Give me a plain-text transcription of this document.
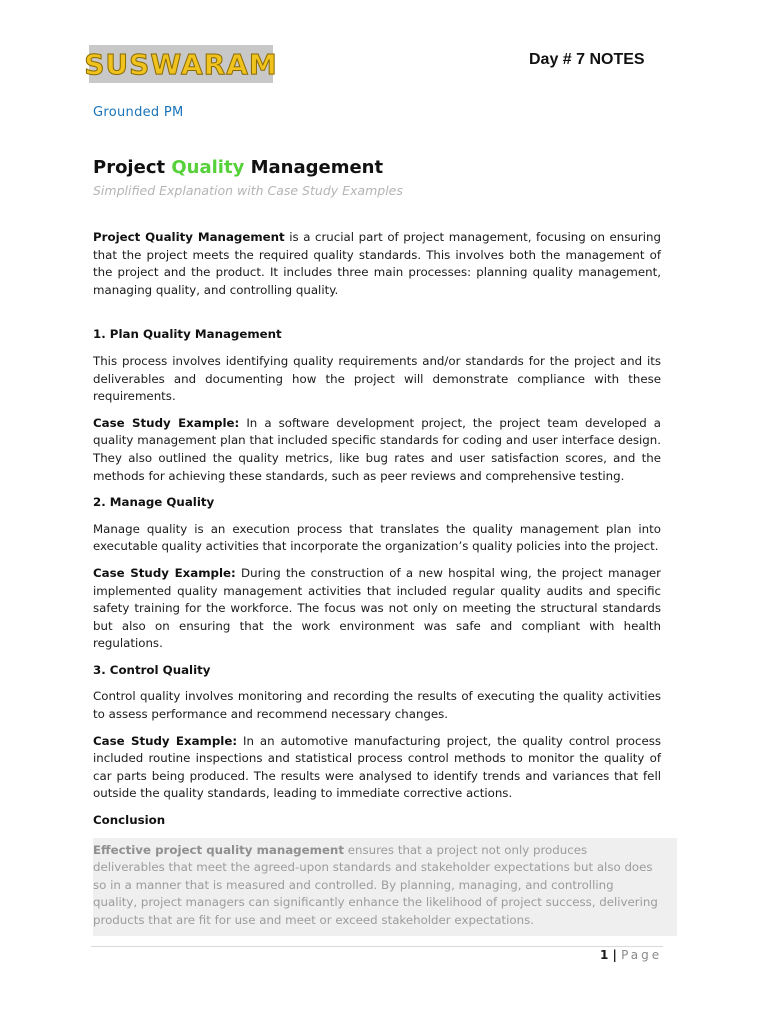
SUSWARAM	Day # 7 NOTES
Grounded PM
Project Quality Management
Simplified Explanation with Case Study Examples

Project Quality Management is a crucial part of project management, focusing on ensuring that the project meets the required quality standards. This involves both the management of the project and the product. It includes three main processes: planning quality management, managing quality, and controlling quality.

1. Plan Quality Management

This process involves identifying quality requirements and/or standards for the project and its deliverables and documenting how the project will demonstrate compliance with these requirements.

Case Study Example: In a software development project, the project team developed a quality management plan that included specific standards for coding and user interface design. They also outlined the quality metrics, like bug rates and user satisfaction scores, and the methods for achieving these standards, such as peer reviews and comprehensive testing.

2. Manage Quality

Manage quality is an execution process that translates the quality management plan into executable quality activities that incorporate the organization’s quality policies into the project.

Case Study Example: During the construction of a new hospital wing, the project manager implemented quality management activities that included regular quality audits and specific safety training for the workforce. The focus was not only on meeting the structural standards but also on ensuring that the work environment was safe and compliant with health regulations.

3. Control Quality

Control quality involves monitoring and recording the results of executing the quality activities to assess performance and recommend necessary changes.

Case Study Example: In an automotive manufacturing project, the quality control process included routine inspections and statistical process control methods to monitor the quality of car parts being produced. The results were analysed to identify trends and variances that fell outside the quality standards, leading to immediate corrective actions.

Conclusion

Effective project quality management ensures that a project not only produces deliverables that meet the agreed-upon standards and stakeholder expectations but also does so in a manner that is measured and controlled. By planning, managing, and controlling quality, project managers can significantly enhance the likelihood of project success, delivering products that are fit for use and meet or exceed stakeholder expectations.

1 | Page
